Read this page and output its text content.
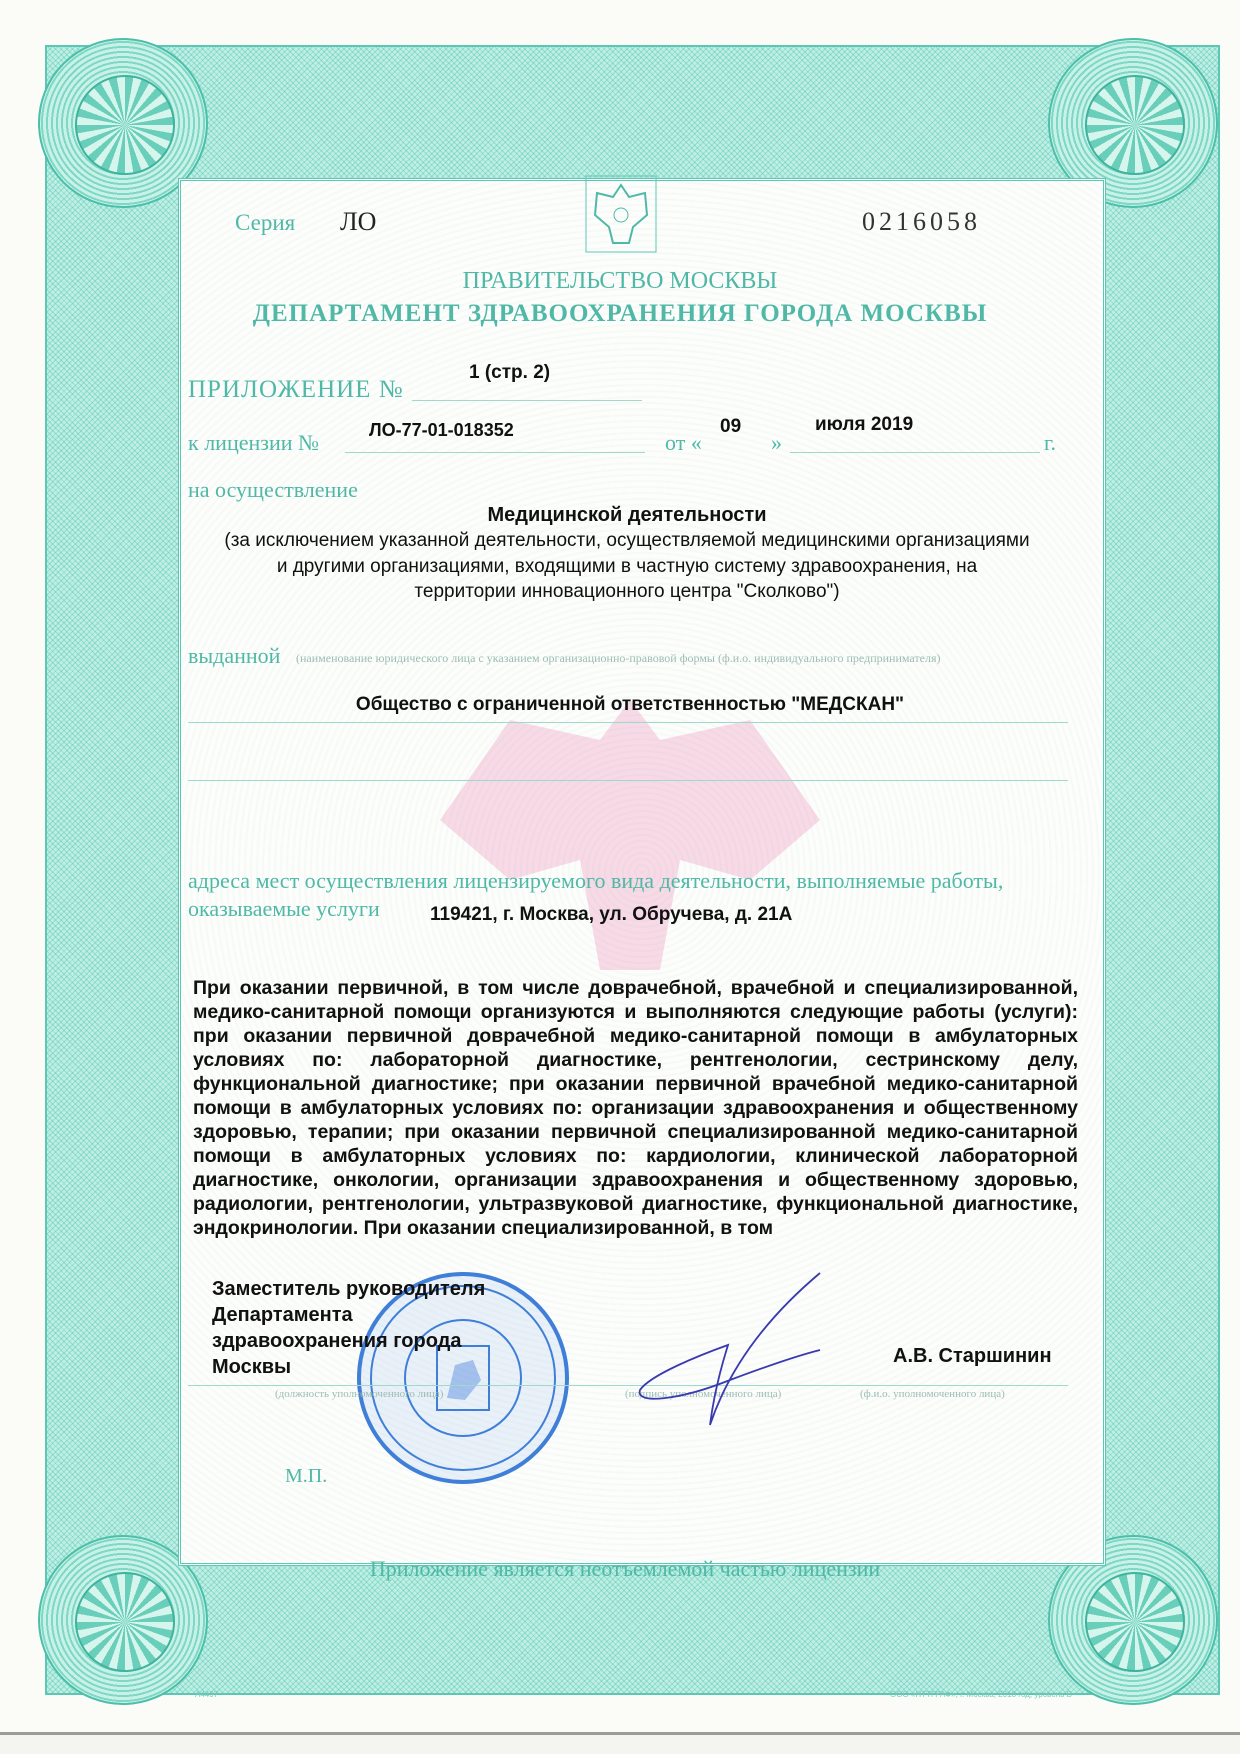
Серия ЛО	0216058
ПРАВИТЕЛЬСТВО МОСКВЫ
ДЕПАРТАМЕНТ ЗДРАВООХРАНЕНИЯ ГОРОДА МОСКВЫ
ПРИЛОЖЕНИЕ №
1 (стр. 2)
к лицензии №	ЛО-77-01-018352	от «
09
»
июля 2019
г.
на осуществление
Медицинской деятельности
(за исключением указанной деятельности, осуществляемой медицинскими организациями
и другими организациями, входящими в частную систему здравоохранения, на
территории инновационного центра "Сколково")
выданной (наименование юридического лица с указанием организационно-правовой формы (ф.и.о. индивидуального предпринимателя)
Общество с ограниченной ответственностью "МЕДСКАН"
адреса мест осуществления лицензируемого вида деятельности, выполняемые работы,
оказываемые услуги	119421, г. Москва, ул. Обручева, д. 21А
При оказании первичной, в том числе доврачебной, врачебной и специализированной, медико-санитарной помощи организуются и выполняются следующие работы (услуги): при оказании первичной доврачебной медико-санитарной помощи в амбулаторных условиях по: лабораторной диагностике, рентгенологии, сестринскому делу, функциональной диагностике; при оказании первичной врачебной медико-санитарной помощи в амбулаторных условиях по: организации здравоохранения и общественному здоровью, терапии; при оказании первичной специализированной медико-санитарной помощи в амбулаторных условиях по: кардиологии, клинической лабораторной диагностике, онкологии, организации здравоохранения и общественному здоровью, радиологии, рентгенологии, ультразвуковой диагностике, функциональной диагностике, эндокринологии. При оказании специализированной, в том
Заместитель руководителя
Департамента
здравоохранения города
Москвы	А.В. Старшинин
(должность уполномоченного лица)	(подпись уполномоченного лица)	(ф.и.о. уполномоченного лица)
М.П.
Приложение является неотъемлемой частью лицензии
А4407	ООО «НТТГРАФ», г. Москва, 2018 год, уровень В
